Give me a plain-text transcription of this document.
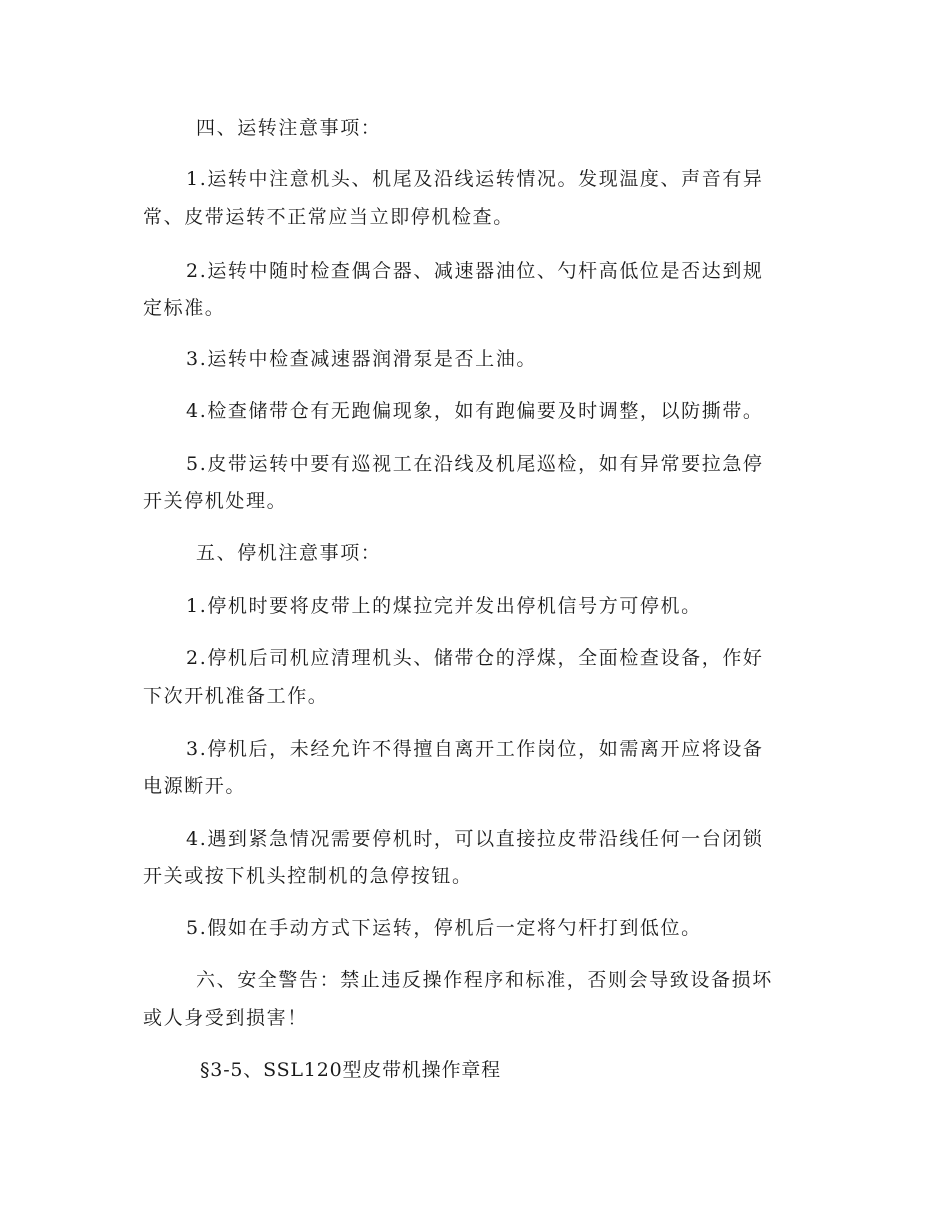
四、运转注意事项：
1.运转中注意机头、机尾及沿线运转情况。发现温度、声音有异
常、皮带运转不正常应当立即停机检查。
2.运转中随时检查偶合器、减速器油位、勺杆高低位是否达到规
定标准。
3.运转中检查减速器润滑泵是否上油。
4.检查储带仓有无跑偏现象，如有跑偏要及时调整，以防撕带。
5.皮带运转中要有巡视工在沿线及机尾巡检，如有异常要拉急停
开关停机处理。
五、停机注意事项：
1.停机时要将皮带上的煤拉完并发出停机信号方可停机。
2.停机后司机应清理机头、储带仓的浮煤，全面检查设备，作好
下次开机准备工作。
3.停机后，未经允许不得擅自离开工作岗位，如需离开应将设备
电源断开。
4.遇到紧急情况需要停机时，可以直接拉皮带沿线任何一台闭锁
开关或按下机头控制机的急停按钮。
5.假如在手动方式下运转，停机后一定将勺杆打到低位。
六、安全警告：禁止违反操作程序和标准，否则会导致设备损坏
或人身受到损害！
§3-5、SSL120型皮带机操作章程
